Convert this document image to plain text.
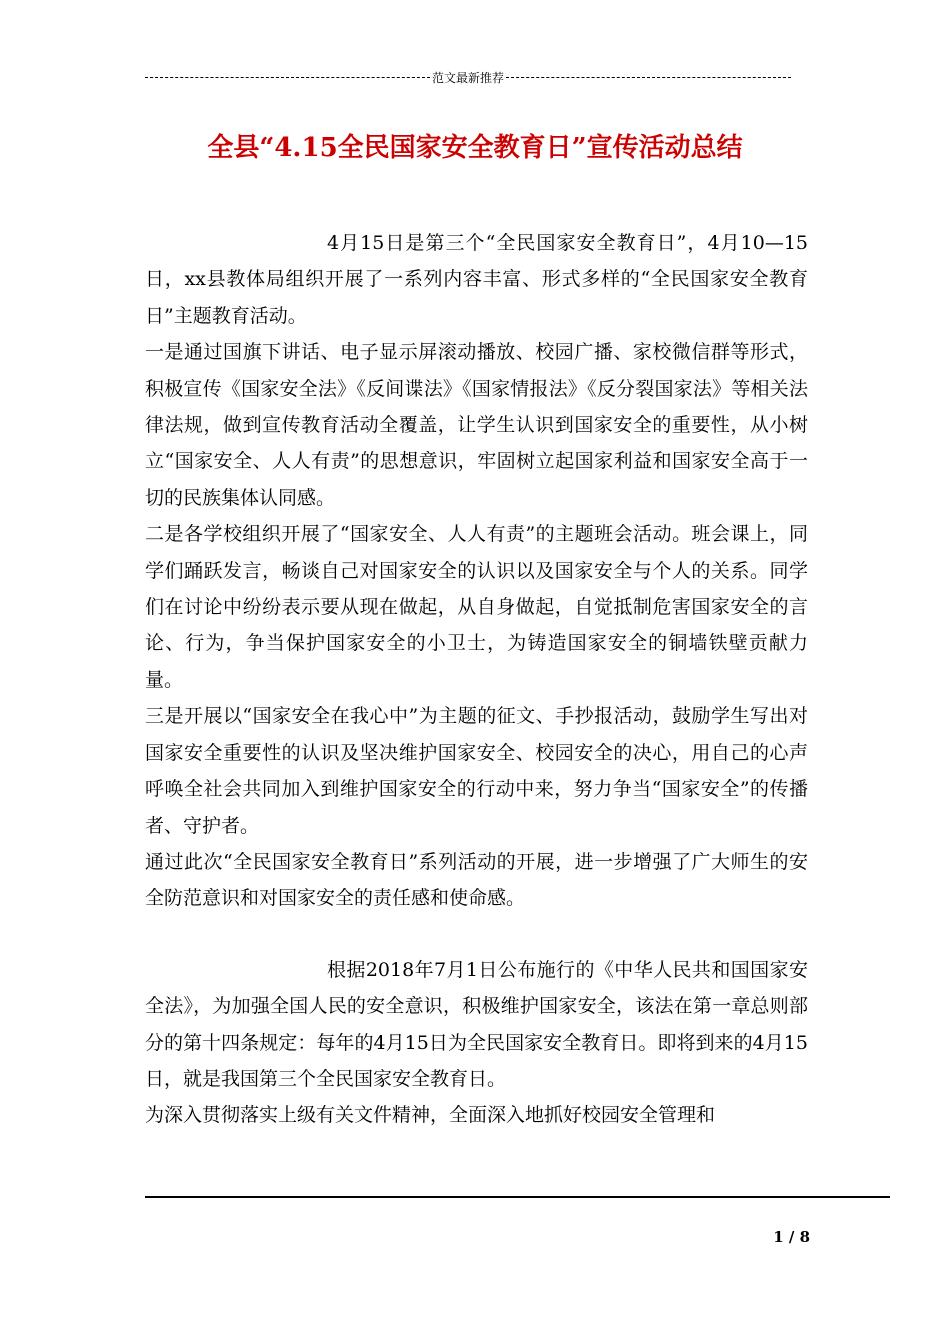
范文最新推荐
全县“4.15全民国家安全教育日”宣传活动总结

4月15日是第三个“全民国家安全教育日”，4月10—15日，xx县教体局组织开展了一系列内容丰富、形式多样的“全民国家安全教育日”主题教育活动。

一是通过国旗下讲话、电子显示屏滚动播放、校园广播、家校微信群等形式，积极宣传《国家安全法》《反间谍法》《国家情报法》《反分裂国家法》等相关法律法规，做到宣传教育活动全覆盖，让学生认识到国家安全的重要性，从小树立“国家安全、人人有责”的思想意识，牢固树立起国家利益和国家安全高于一切的民族集体认同感。

二是各学校组织开展了“国家安全、人人有责”的主题班会活动。班会课上，同学们踊跃发言，畅谈自己对国家安全的认识以及国家安全与个人的关系。同学们在讨论中纷纷表示要从现在做起，从自身做起，自觉抵制危害国家安全的言论、行为，争当保护国家安全的小卫士，为铸造国家安全的铜墙铁壁贡献力量。

三是开展以“国家安全在我心中”为主题的征文、手抄报活动，鼓励学生写出对国家安全重要性的认识及坚决维护国家安全、校园安全的决心，用自己的心声呼唤全社会共同加入到维护国家安全的行动中来，努力争当“国家安全”的传播者、守护者。

通过此次“全民国家安全教育日”系列活动的开展，进一步增强了广大师生的安全防范意识和对国家安全的责任感和使命感。

根据2018年7月1日公布施行的《中华人民共和国国家安全法》，为加强全国人民的安全意识，积极维护国家安全，该法在第一章总则部分的第十四条规定：每年的4月15日为全民国家安全教育日。即将到来的4月15日，就是我国第三个全民国家安全教育日。

为深入贯彻落实上级有关文件精神，全面深入地抓好校园安全管理和

1 / 8
